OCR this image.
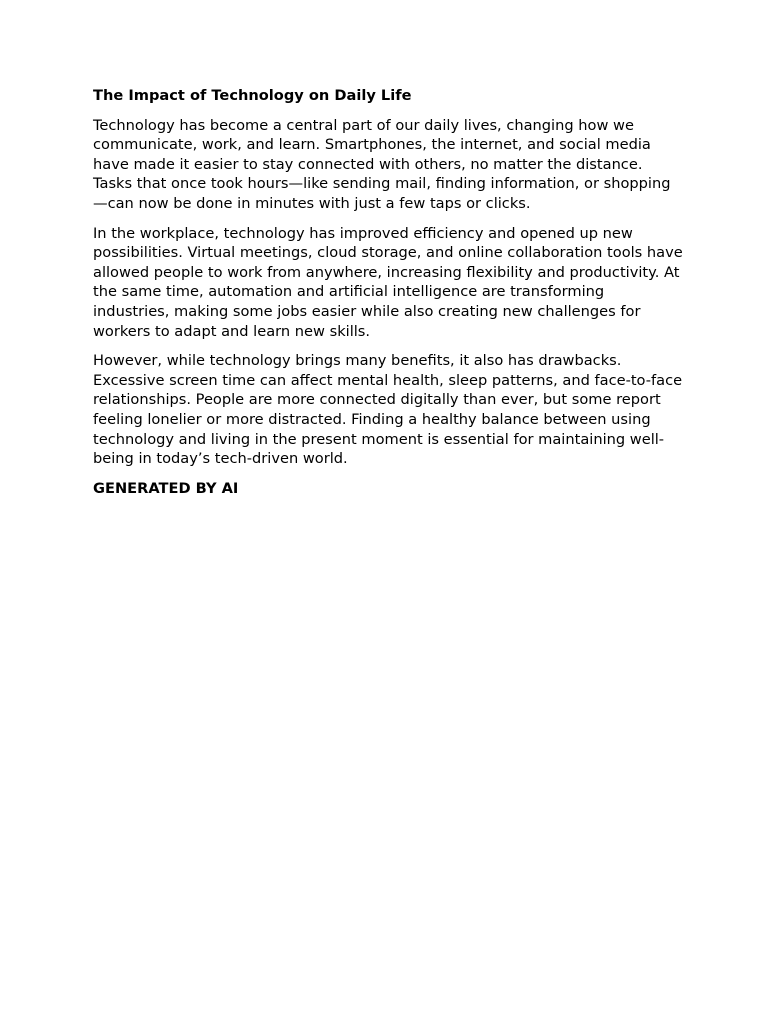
The Impact of Technology on Daily Life
Technology has become a central part of our daily lives, changing how we communicate, work, and learn. Smartphones, the internet, and social media have made it easier to stay connected with others, no matter the distance. Tasks that once took hours—like sending mail, finding information, or shopping—can now be done in minutes with just a few taps or clicks.
In the workplace, technology has improved efficiency and opened up new possibilities. Virtual meetings, cloud storage, and online collaboration tools have allowed people to work from anywhere, increasing flexibility and productivity. At the same time, automation and artificial intelligence are transforming industries, making some jobs easier while also creating new challenges for workers to adapt and learn new skills.
However, while technology brings many benefits, it also has drawbacks. Excessive screen time can affect mental health, sleep patterns, and face-to-face relationships. People are more connected digitally than ever, but some report feeling lonelier or more distracted. Finding a healthy balance between using technology and living in the present moment is essential for maintaining well-being in today’s tech-driven world.
GENERATED BY AI
